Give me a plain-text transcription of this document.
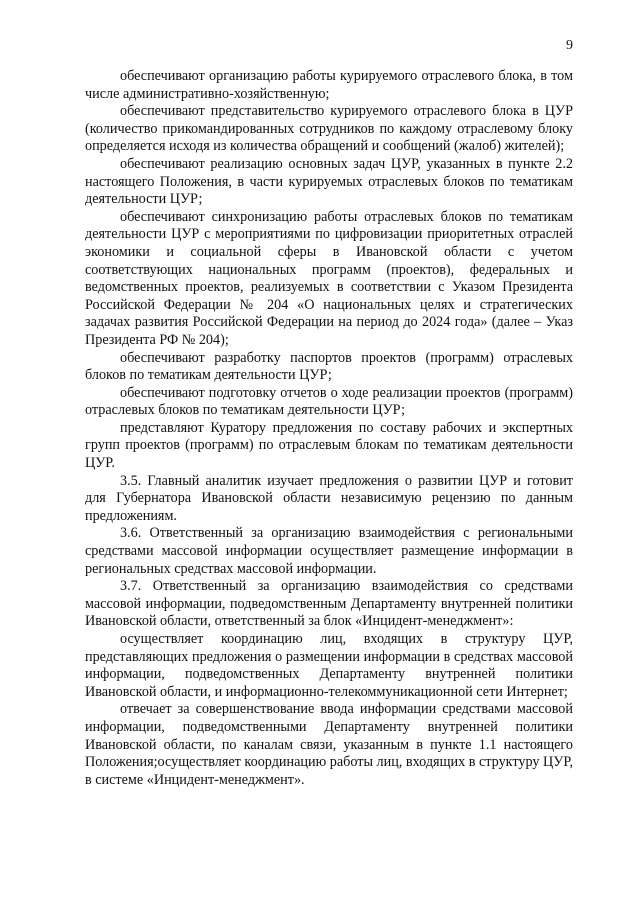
9

обеспечивают организацию работы курируемого отраслевого блока, в том числе административно-хозяйственную;

обеспечивают представительство курируемого отраслевого блока в ЦУР (количество прикомандированных сотрудников по каждому отраслевому блоку определяется исходя из количества обращений и сообщений (жалоб) жителей);

обеспечивают реализацию основных задач ЦУР, указанных в пункте 2.2 настоящего Положения, в части курируемых отраслевых блоков по тематикам деятельности ЦУР;

обеспечивают синхронизацию работы отраслевых блоков по тематикам деятельности ЦУР с мероприятиями по цифровизации приоритетных отраслей экономики и социальной сферы в Ивановской области с учетом соответствующих национальных программ (проектов), федеральных и ведомственных проектов, реализуемых в соответствии с Указом Президента Российской Федерации № 204 «О национальных целях и стратегических задачах развития Российской Федерации на период до 2024 года» (далее – Указ Президента РФ № 204);

обеспечивают разработку паспортов проектов (программ) отраслевых блоков по тематикам деятельности ЦУР;

обеспечивают подготовку отчетов о ходе реализации проектов (программ) отраслевых блоков по тематикам деятельности ЦУР;

представляют Куратору предложения по составу рабочих и экспертных групп проектов (программ) по отраслевым блокам по тематикам деятельности ЦУР.

3.5. Главный аналитик изучает предложения о развитии ЦУР и готовит для Губернатора Ивановской области независимую рецензию по данным предложениям.

3.6. Ответственный за организацию взаимодействия с региональными средствами массовой информации осуществляет размещение информации в региональных средствах массовой информации.

3.7. Ответственный за организацию взаимодействия со средствами массовой информации, подведомственным Департаменту внутренней политики Ивановской области, ответственный за блок «Инцидент-менеджмент»:

осуществляет координацию лиц, входящих в структуру ЦУР, представляющих предложения о размещении информации в средствах массовой информации, подведомственных Департаменту внутренней политики Ивановской области, и информационно-телекоммуникационной сети Интернет;

отвечает за совершенствование ввода информации средствами массовой информации, подведомственными Департаменту внутренней политики Ивановской области, по каналам связи, указанным в пункте 1.1 настоящего Положения;осуществляет координацию работы лиц, входящих в структуру ЦУР, в системе «Инцидент-менеджмент».
